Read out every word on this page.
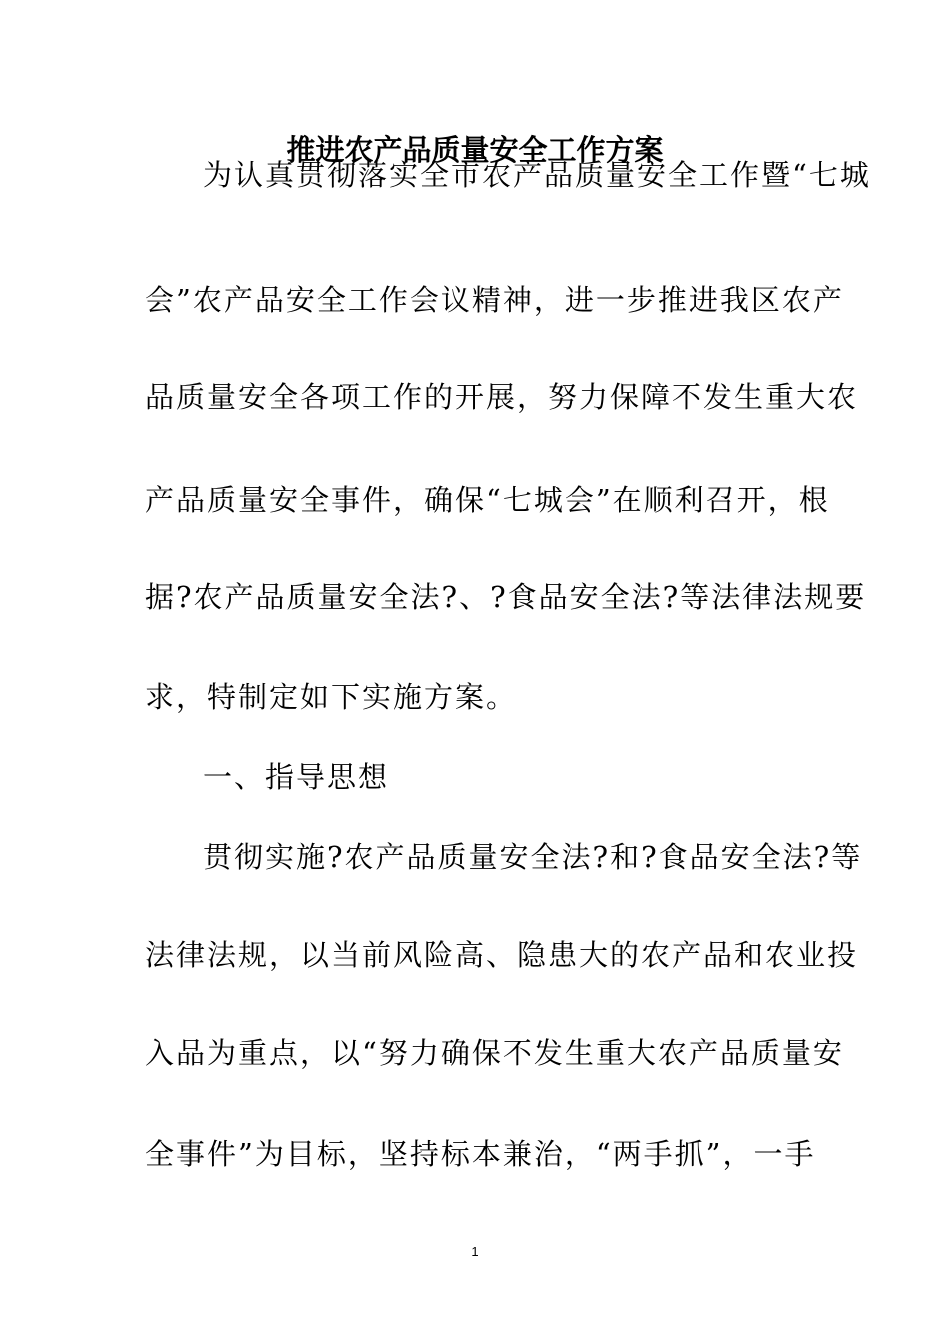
推进农产品质量安全工作方案
为认真贯彻落实全市农产品质量安全工作暨“七城
会”农产品安全工作会议精神，进一步推进我区农产
品质量安全各项工作的开展，努力保障不发生重大农
产品质量安全事件，确保“七城会”在顺利召开，根
据?农产品质量安全法?、?食品安全法?等法律法规要
求，特制定如下实施方案。
一、指导思想
贯彻实施?农产品质量安全法?和?食品安全法?等
法律法规，以当前风险高、隐患大的农产品和农业投
入品为重点，以“努力确保不发生重大农产品质量安
全事件”为目标，坚持标本兼治，“两手抓”，一手
1
